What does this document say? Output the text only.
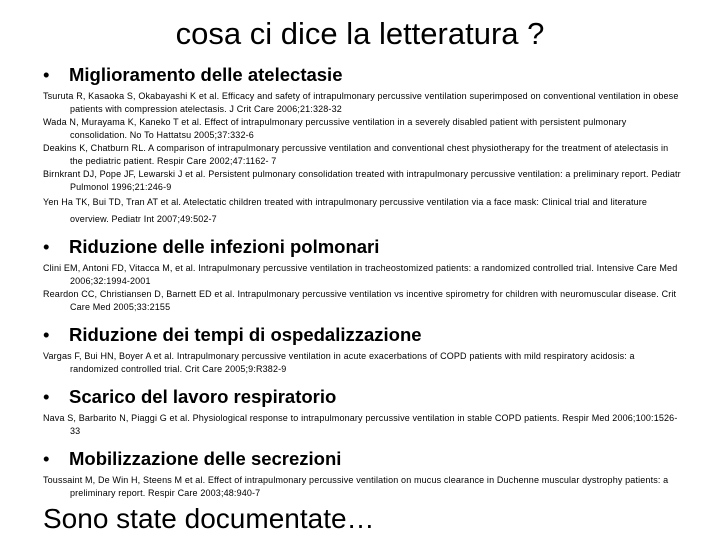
cosa ci dice la letteratura ?
•	Miglioramento delle atelectasie
Tsuruta R, Kasaoka S, Okabayashi K et al. Efficacy and safety of intrapulmonary percussive ventilation superimposed on conventional ventilation in obese patients with compression atelectasis. J Crit Care 2006;21:328-32
Wada N, Murayama K, Kaneko T et al. Effect of intrapulmonary percussive ventilation in a severely disabled patient with persistent pulmonary consolidation. No To Hattatsu 2005;37:332-6
Deakins K, Chatburn RL. A comparison of intrapulmonary percussive ventilation and conventional chest physiotherapy for the treatment of atelectasis in the pediatric patient. Respir Care 2002;47:1162- 7
Birnkrant DJ, Pope JF, Lewarski J et al. Persistent pulmonary consolidation treated with intrapulmonary percussive ventilation: a preliminary report. Pediatr Pulmonol 1996;21:246-9
Yen Ha TK, Bui TD, Tran AT et al. Atelectatic children treated with intrapulmonary percussive ventilation via a face mask: Clinical trial and literature overview. Pediatr Int 2007;49:502-7
•	Riduzione delle infezioni polmonari
Clini EM, Antoni FD, Vitacca M, et al. Intrapulmonary percussive ventilation in tracheostomized patients: a randomized controlled trial. Intensive Care Med 2006;32:1994-2001
Reardon CC, Christiansen D, Barnett ED et al. Intrapulmonary percussive ventilation vs incentive spirometry for children with neuromuscular disease. Crit Care Med 2005;33:2155
•	Riduzione dei tempi di ospedalizzazione
Vargas F, Bui HN, Boyer A et al. Intrapulmonary percussive ventilation in acute exacerbations of COPD patients with mild respiratory acidosis: a randomized controlled trial. Crit Care 2005;9:R382-9
•	Scarico del lavoro respiratorio
Nava S, Barbarito N, Piaggi G et al. Physiological response to intrapulmonary percussive ventilation in stable COPD patients. Respir Med 2006;100:1526-33
•	Mobilizzazione delle secrezioni
Toussaint M, De Win H, Steens M et al. Effect of intrapulmonary percussive ventilation on mucus clearance in Duchenne muscular dystrophy patients: a preliminary report. Respir Care 2003;48:940-7
Sono state documentate…
